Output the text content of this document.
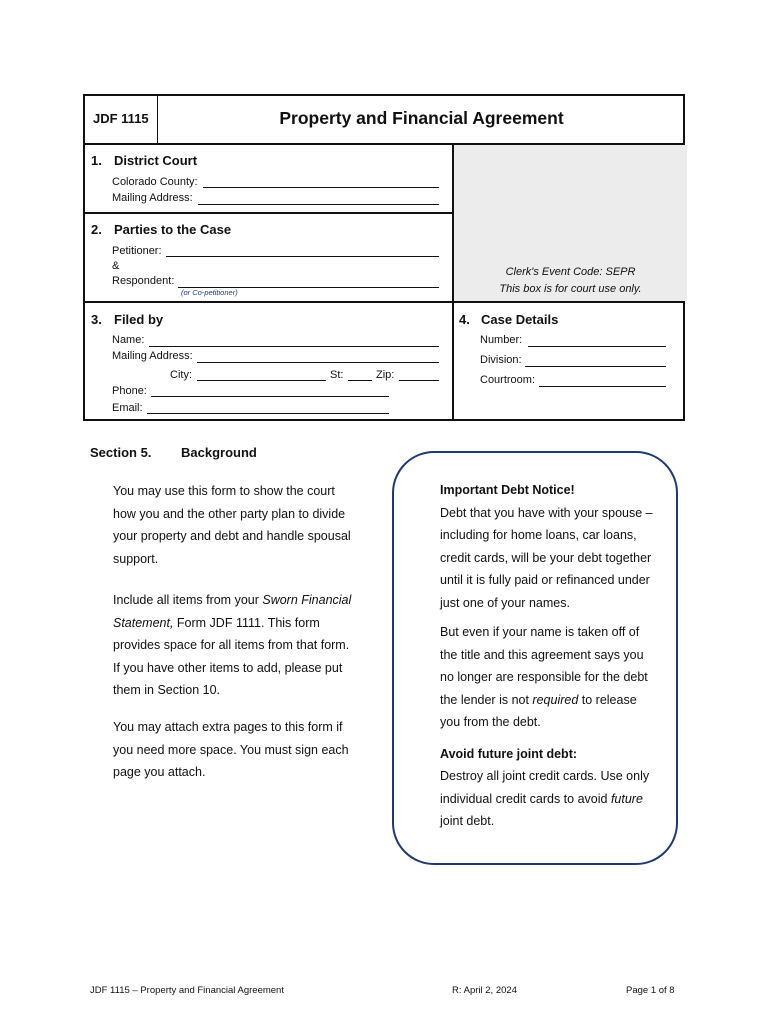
JDF 1115	Property and Financial Agreement
Clerk's Event Code: SEPR
This box is for court use only.
1. District Court
Colorado County:
Mailing Address:
2. Parties to the Case
Petitioner:
&
Respondent:
(or Co-petitioner)
3. Filed by
Name:
Mailing Address:
City:	St:	Zip:
Phone:
Email:
4. Case Details
Number:
Division:
Courtroom:
Section 5. Background
You may use this form to show the court how you and the other party plan to divide your property and debt and handle spousal support.
Include all items from your Sworn Financial Statement, Form JDF 1111. This form provides space for all items from that form. If you have other items to add, please put them in Section 10.
You may attach extra pages to this form if you need more space. You must sign each page you attach.

Important Debt Notice!

Debt that you have with your spouse – including for home loans, car loans, credit cards, will be your debt together until it is fully paid or refinanced under just one of your names.

But even if your name is taken off of the title and this agreement says you no longer are responsible for the debt the lender is not required to release you from the debt.

Avoid future joint debt:

Destroy all joint credit cards. Use only individual credit cards to avoid future joint debt.

JDF 1115 – Property and Financial Agreement	R: April 2, 2024	Page 1 of 8
